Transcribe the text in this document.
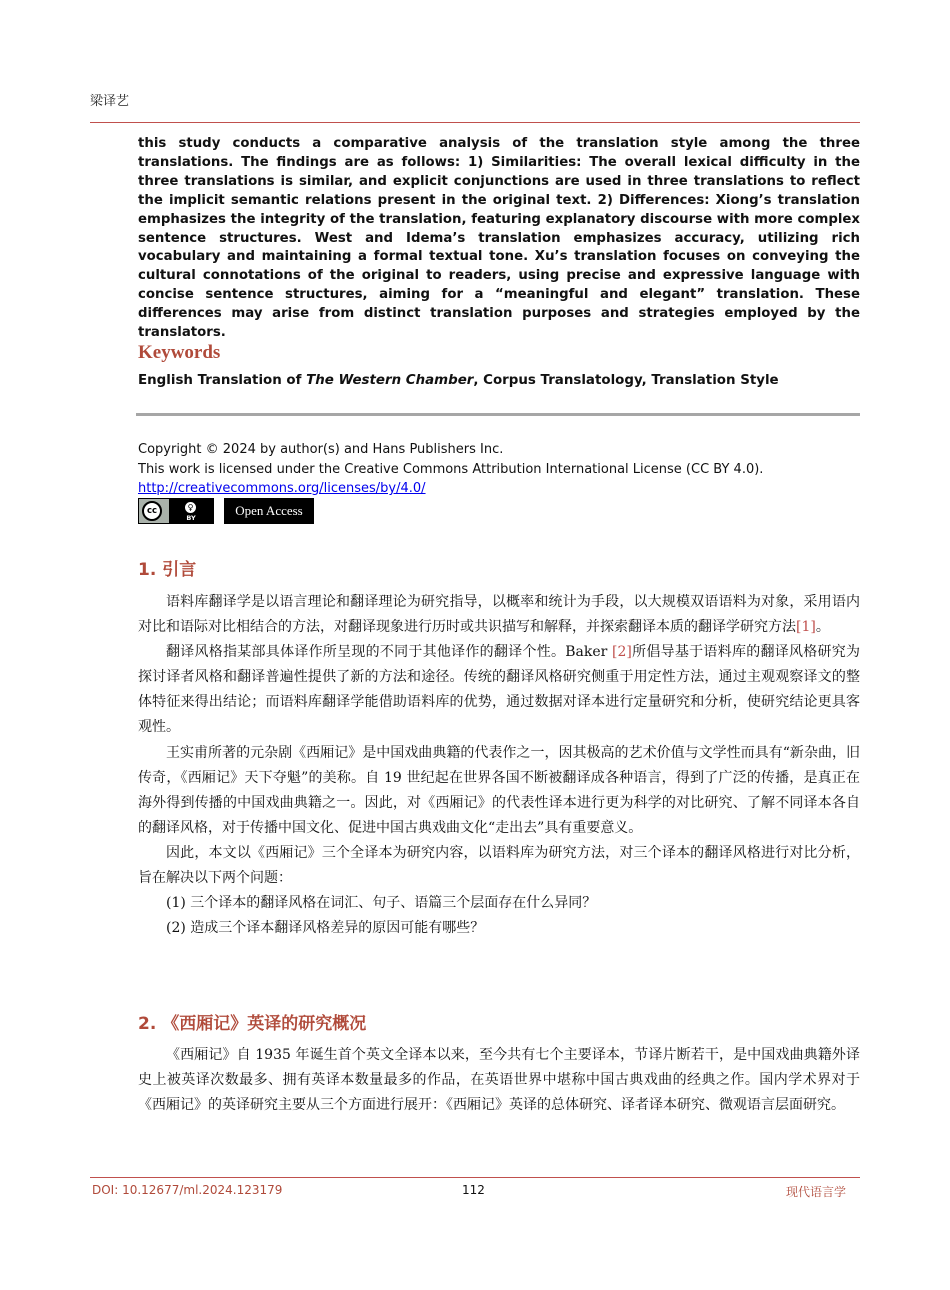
梁译艺

this study conducts a comparative analysis of the translation style among the three translations. The findings are as follows: 1) Similarities: The overall lexical difficulty in the three translations is similar, and explicit conjunctions are used in three translations to reflect the implicit semantic relations present in the original text. 2) Differences: Xiong’s translation emphasizes the integrity of the translation, featuring explanatory discourse with more complex sentence structures. West and Idema’s translation emphasizes accuracy, utilizing rich vocabulary and maintaining a formal textual tone. Xu’s translation focuses on conveying the cultural connotations of the original to readers, using precise and expressive language with concise sentence structures, aiming for a “meaningful and elegant” translation. These differences may arise from distinct translation purposes and strategies employed by the translators.

Keywords

English Translation of The Western Chamber, Corpus Translatology, Translation Style

Copyright © 2024 by author(s) and Hans Publishers Inc.
This work is licensed under the Creative Commons Attribution International License (CC BY 4.0).
http://creativecommons.org/licenses/by/4.0/
cc	♀
BY	Open Access
1. 引言

语料库翻译学是以语言理论和翻译理论为研究指导，以概率和统计为手段，以大规模双语语料为对象，采用语内对比和语际对比相结合的方法，对翻译现象进行历时或共识描写和解释，并探索翻译本质的翻译学研究方法[1]。

翻译风格指某部具体译作所呈现的不同于其他译作的翻译个性。Baker [2]所倡导基于语料库的翻译风格研究为探讨译者风格和翻译普遍性提供了新的方法和途径。传统的翻译风格研究侧重于用定性方法，通过主观观察译文的整体特征来得出结论；而语料库翻译学能借助语料库的优势，通过数据对译本进行定量研究和分析，使研究结论更具客观性。

王实甫所著的元杂剧《西厢记》是中国戏曲典籍的代表作之一，因其极高的艺术价值与文学性而具有“新杂曲，旧传奇，《西厢记》天下夺魁”的美称。自 19 世纪起在世界各国不断被翻译成各种语言，得到了广泛的传播，是真正在海外得到传播的中国戏曲典籍之一。因此，对《西厢记》的代表性译本进行更为科学的对比研究、了解不同译本各自的翻译风格，对于传播中国文化、促进中国古典戏曲文化“走出去”具有重要意义。

因此，本文以《西厢记》三个全译本为研究内容，以语料库为研究方法，对三个译本的翻译风格进行对比分析，旨在解决以下两个问题：

(1) 三个译本的翻译风格在词汇、句子、语篇三个层面存在什么异同？

(2) 造成三个译本翻译风格差异的原因可能有哪些？

2. 《西厢记》英译的研究概况

《西厢记》自 1935 年诞生首个英文全译本以来，至今共有七个主要译本，节译片断若干，是中国戏曲典籍外译史上被英译次数最多、拥有英译本数量最多的作品，在英语世界中堪称中国古典戏曲的经典之作。国内学术界对于《西厢记》的英译研究主要从三个方面进行展开：《西厢记》英译的总体研究、译者译本研究、微观语言层面研究。

DOI: 10.12677/ml.2024.123179	112	现代语言学
